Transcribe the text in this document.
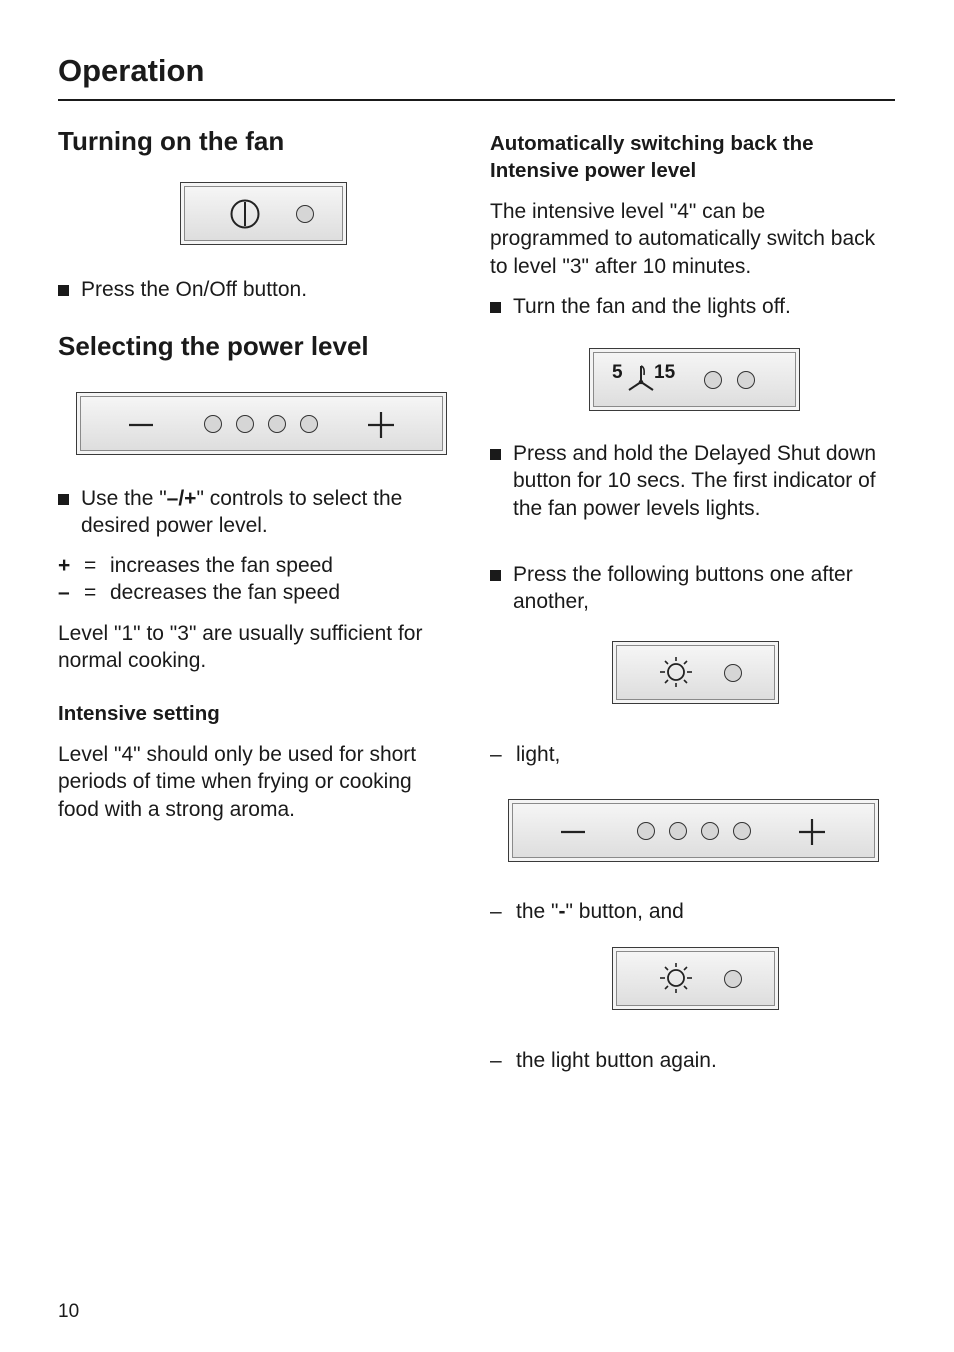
Operation
Turning on the fan
Press the On/Off button.
Selecting the power level
Use the "–/+" controls to select the desired power level.
+ = increases the fan speed
– = decreases the fan speed

Level "1" to "3" are usually sufficient for normal cooking.

Intensive setting

Level "4" should only be used for short periods of time when frying or cooking food with a strong aroma.

Automatically switching back the Intensive power level

The intensive level "4" can be programmed to automatically switch back to level "3" after 10 minutes.

Turn the fan and the lights off.
5 15
Press and hold the Delayed Shut down button for 10 secs. The first indicator of the fan power levels lights.
Press the following buttons one after another,
– light,
– the "-" button, and
– the light button again.
10
